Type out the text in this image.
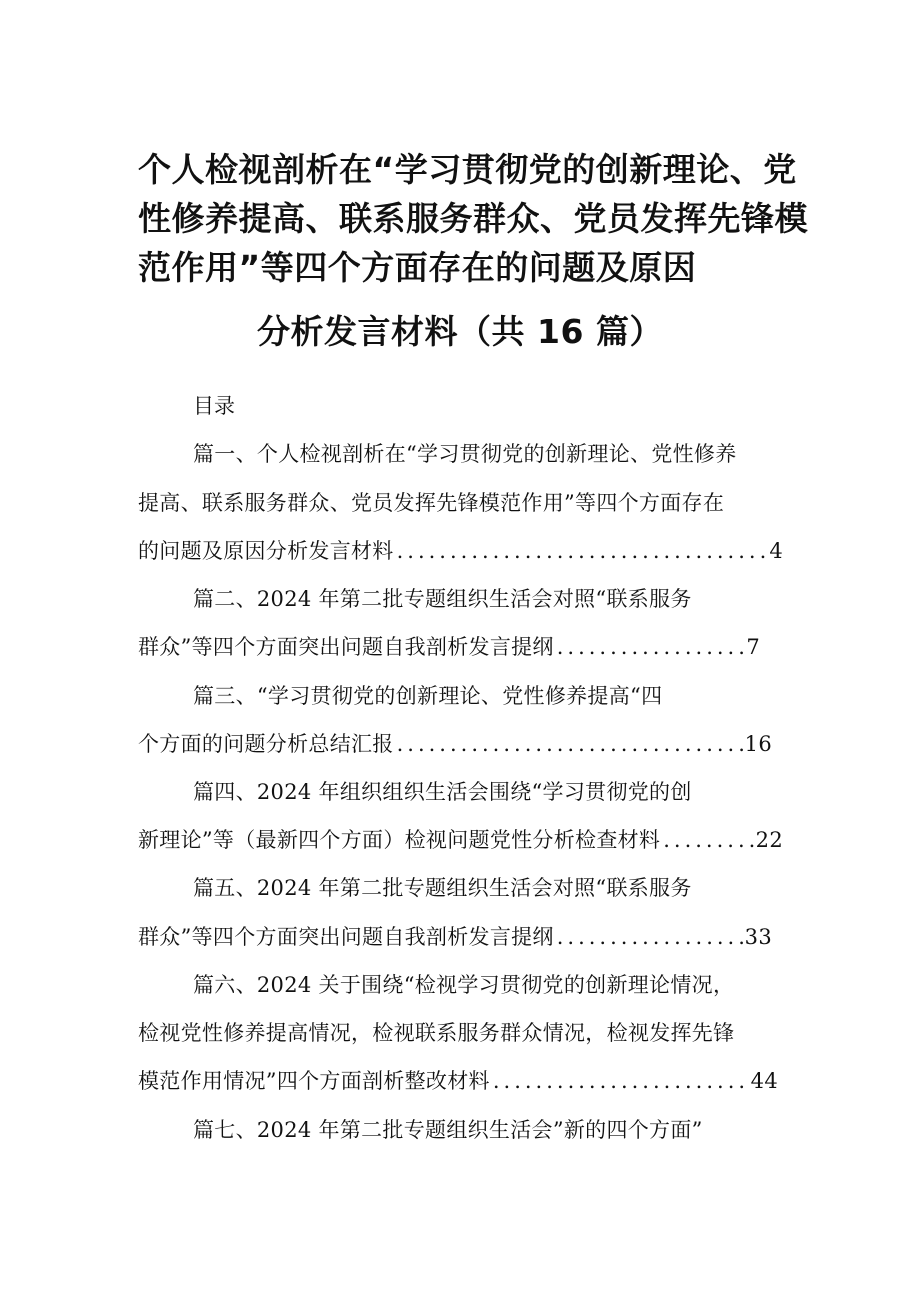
个人检视剖析在“学习贯彻党的创新理论、党
性修养提高、联系服务群众、党员发挥先锋模
范作用”等四个方面存在的问题及原因
分析发言材料（共 16 篇）
目录
篇一、个人检视剖析在“学习贯彻党的创新理论、党性修养
提高、联系服务群众、党员发挥先锋模范作用”等四个方面存在
的问题及原因分析发言材料 .....	4
篇二、2024 年第二批专题组织生活会对照“联系服务
群众”等四个方面突出问题自我剖析发言提纲 .....	7
篇三、“学习贯彻党的创新理论、党性修养提高“四
个方面的问题分析总结汇报 .....	16
篇四、2024 年组织组织生活会围绕“学习贯彻党的创
新理论”等（最新四个方面）检视问题党性分析检查材料 .....	22
篇五、2024 年第二批专题组织生活会对照“联系服务
群众”等四个方面突出问题自我剖析发言提纲 .....	33
篇六、2024 关于围绕“检视学习贯彻党的创新理论情况，
检视党性修养提高情况，检视联系服务群众情况，检视发挥先锋
模范作用情况”四个方面剖析整改材料 .....	44
篇七、2024 年第二批专题组织生活会”新的四个方面”
